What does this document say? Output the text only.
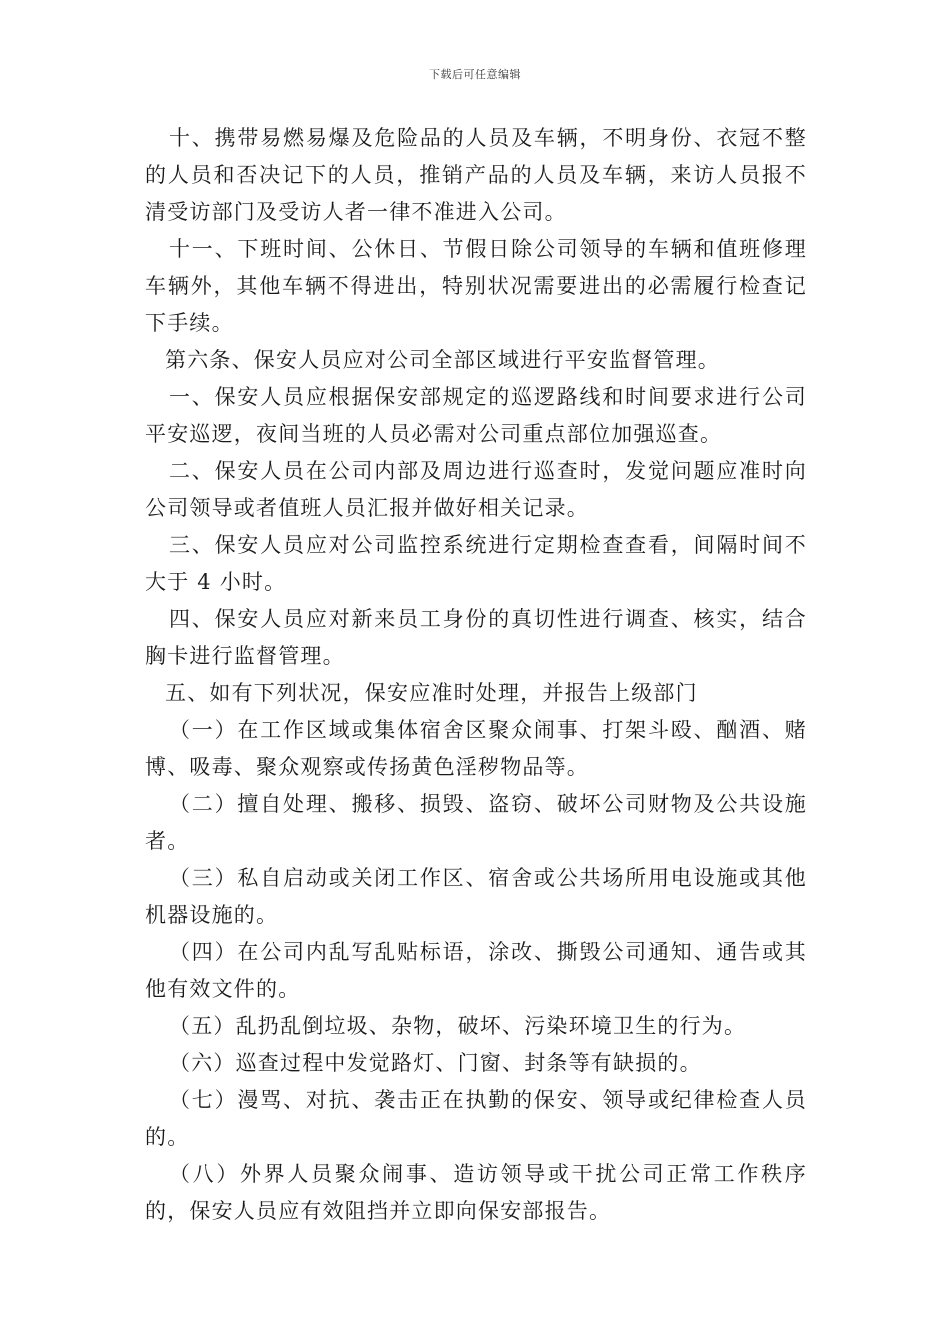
下载后可任意编辑

十、携带易燃易爆及危险品的人员及车辆，不明身份、衣冠不整的人员和否决记下的人员，推销产品的人员及车辆，来访人员报不清受访部门及受访人者一律不准进入公司。

十一、下班时间、公休日、节假日除公司领导的车辆和值班修理车辆外，其他车辆不得进出，特别状况需要进出的必需履行检查记下手续。

第六条、保安人员应对公司全部区域进行平安监督管理。

一、保安人员应根据保安部规定的巡逻路线和时间要求进行公司平安巡逻，夜间当班的人员必需对公司重点部位加强巡查。

二、保安人员在公司内部及周边进行巡查时，发觉问题应准时向公司领导或者值班人员汇报并做好相关记录。

三、保安人员应对公司监控系统进行定期检查查看，间隔时间不大于 4 小时。

四、保安人员应对新来员工身份的真切性进行调查、核实，结合胸卡进行监督管理。

五、如有下列状况，保安应准时处理，并报告上级部门

（一）在工作区域或集体宿舍区聚众闹事、打架斗殴、酗酒、赌博、吸毒、聚众观察或传扬黄色淫秽物品等。

（二）擅自处理、搬移、损毁、盗窃、破坏公司财物及公共设施者。

（三）私自启动或关闭工作区、宿舍或公共场所用电设施或其他机器设施的。

（四）在公司内乱写乱贴标语，涂改、撕毁公司通知、通告或其他有效文件的。

（五）乱扔乱倒垃圾、杂物，破坏、污染环境卫生的行为。

（六）巡查过程中发觉路灯、门窗、封条等有缺损的。

（七）漫骂、对抗、袭击正在执勤的保安、领导或纪律检查人员的。

（八）外界人员聚众闹事、造访领导或干扰公司正常工作秩序的，保安人员应有效阻挡并立即向保安部报告。
